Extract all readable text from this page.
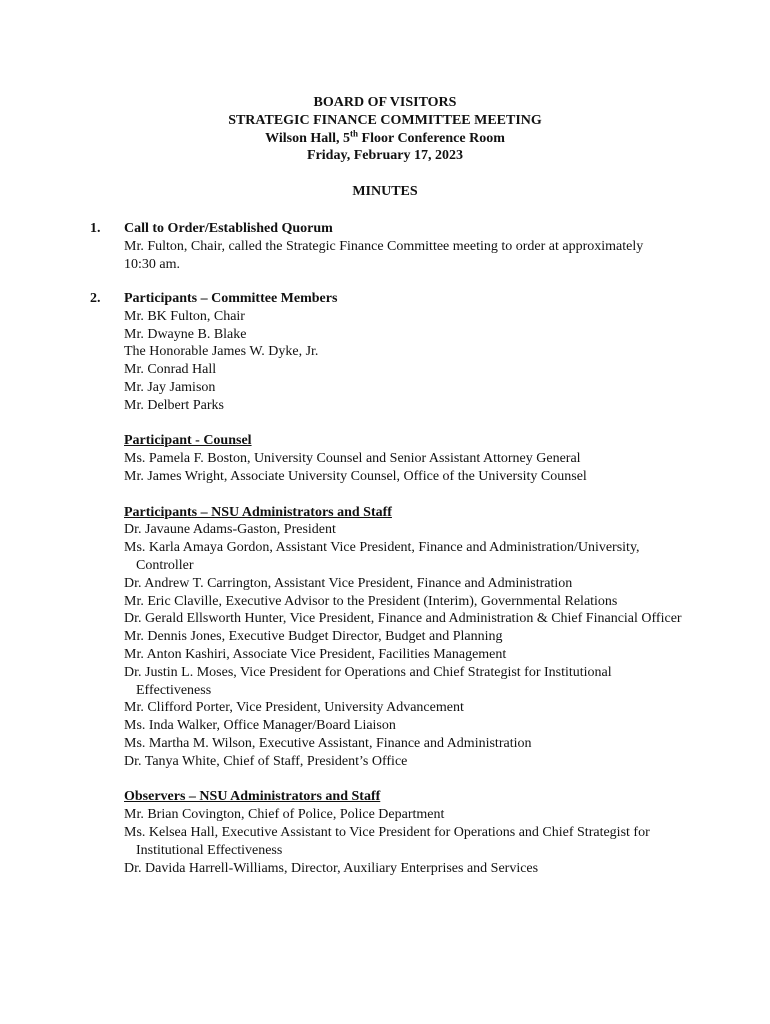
BOARD OF VISITORS
STRATEGIC FINANCE COMMITTEE MEETING
Wilson Hall, 5th Floor Conference Room
Friday, February 17, 2023
MINUTES
1. Call to Order/Established Quorum
Mr. Fulton, Chair, called the Strategic Finance Committee meeting to order at approximately
10:30 am.
2. Participants – Committee Members
Mr. BK Fulton, Chair
Mr. Dwayne B. Blake
The Honorable James W. Dyke, Jr.
Mr. Conrad Hall
Mr. Jay Jamison
Mr. Delbert Parks
Participant - Counsel
Ms. Pamela F. Boston, University Counsel and Senior Assistant Attorney General
Mr. James Wright, Associate University Counsel, Office of the University Counsel
Participants – NSU Administrators and Staff
Dr. Javaune Adams-Gaston, President
Ms. Karla Amaya Gordon, Assistant Vice President, Finance and Administration/University, Controller
Dr. Andrew T. Carrington, Assistant Vice President, Finance and Administration
Mr. Eric Claville, Executive Advisor to the President (Interim), Governmental Relations
Dr. Gerald Ellsworth Hunter, Vice President, Finance and Administration & Chief Financial Officer
Mr. Dennis Jones, Executive Budget Director, Budget and Planning
Mr. Anton Kashiri, Associate Vice President, Facilities Management
Dr. Justin L. Moses, Vice President for Operations and Chief Strategist for Institutional Effectiveness
Mr. Clifford Porter, Vice President, University Advancement
Ms. Inda Walker, Office Manager/Board Liaison
Ms. Martha M. Wilson, Executive Assistant, Finance and Administration
Dr. Tanya White, Chief of Staff, President’s Office
Observers – NSU Administrators and Staff
Mr. Brian Covington, Chief of Police, Police Department
Ms. Kelsea Hall, Executive Assistant to Vice President for Operations and Chief Strategist for Institutional Effectiveness
Dr. Davida Harrell-Williams, Director, Auxiliary Enterprises and Services
